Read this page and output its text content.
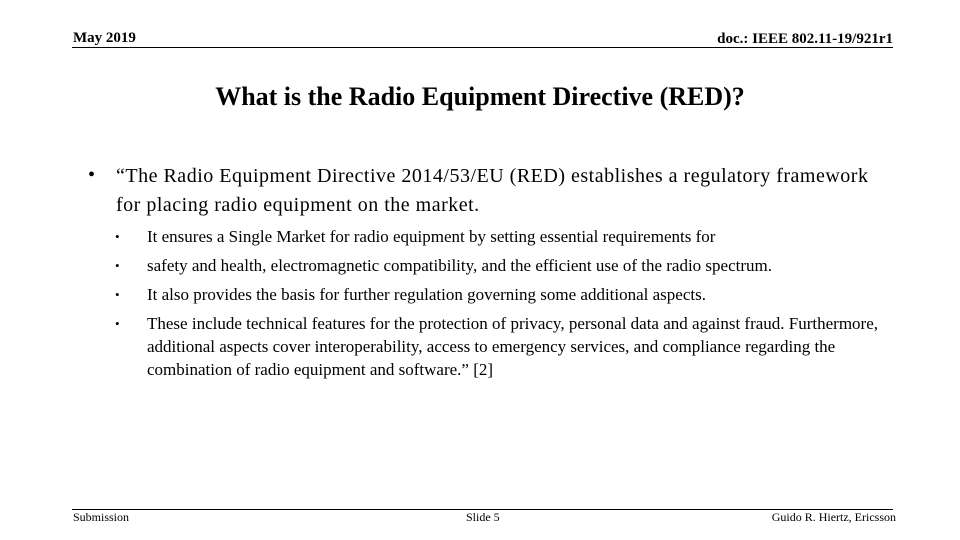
May 2019	doc.: IEEE 802.11-19/921r1
What is the Radio Equipment Directive (RED)?
• “The Radio Equipment Directive 2014/53/EU (RED) establishes a regulatory framework for placing radio equipment on the market.
• It ensures a Single Market for radio equipment by setting essential requirements for
• safety and health, electromagnetic compatibility, and the efficient use of the radio spectrum.
• It also provides the basis for further regulation governing some additional aspects.
• These include technical features for the protection of privacy, personal data and against fraud. Furthermore, additional aspects cover interoperability, access to emergency services, and compliance regarding the combination of radio equipment and software.” [2]
Submission	Slide 5	Guido R. Hiertz, Ericsson
